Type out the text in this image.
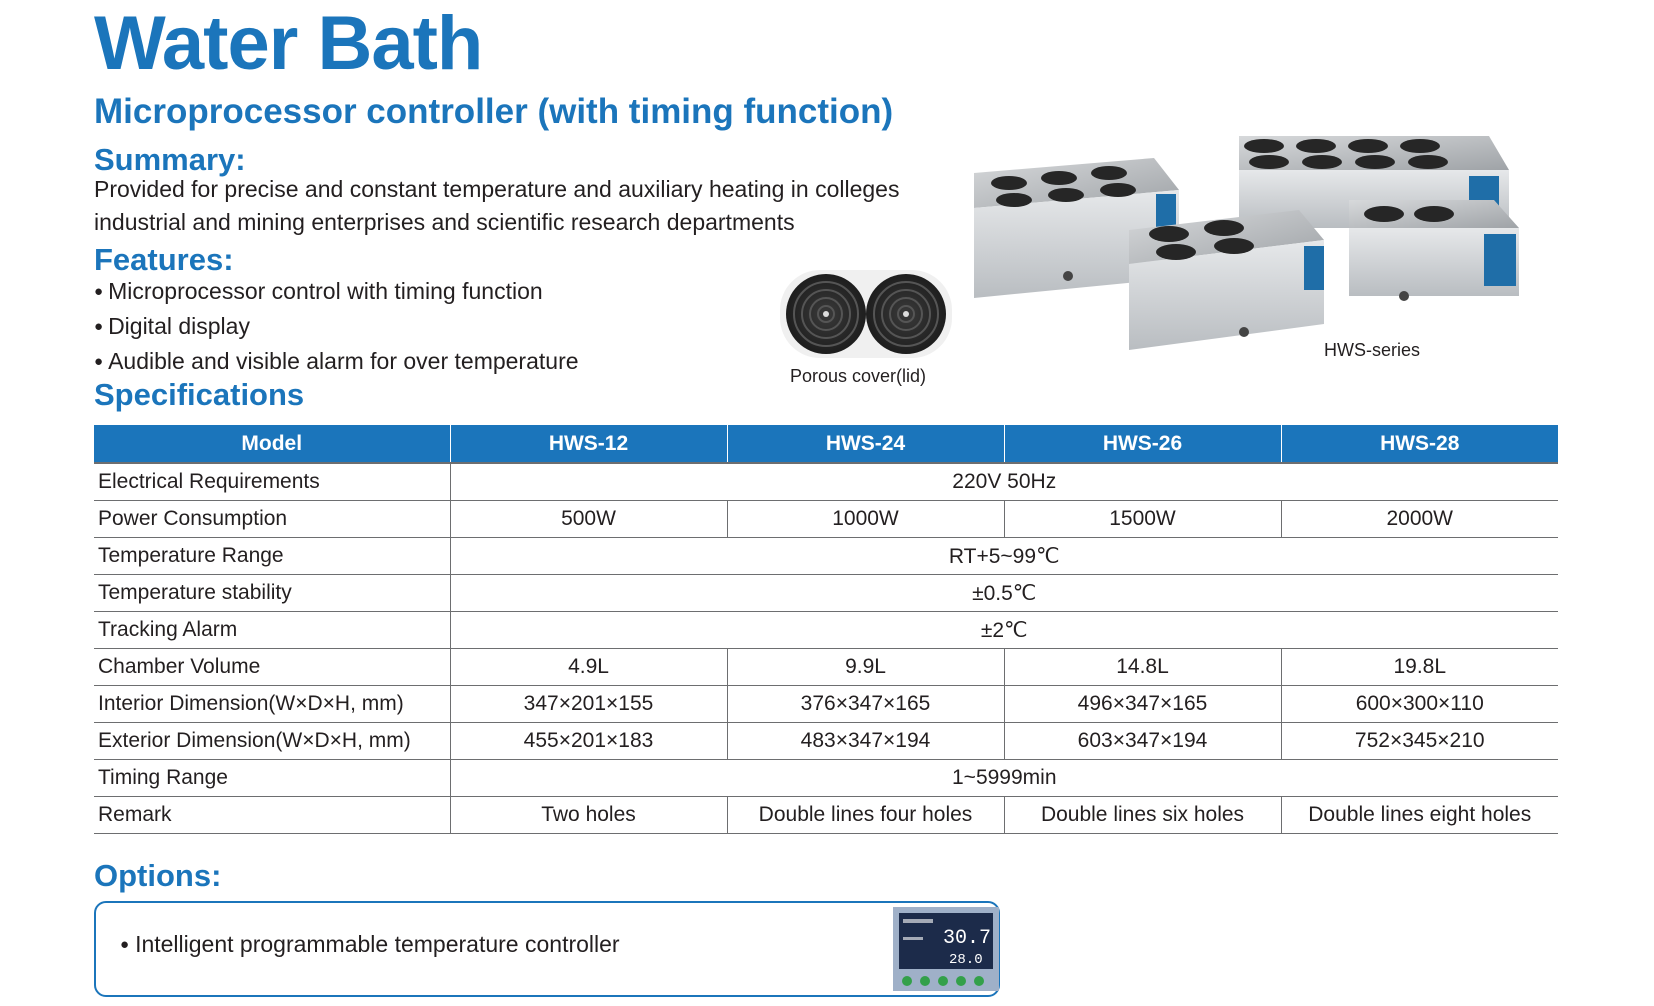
Water Bath
Microprocessor controller (with timing function)
Summary:

Provided for precise and constant temperature and auxiliary heating in colleges industrial and mining enterprises and scientific research departments

Features:
● Microprocessor control with timing function
● Digital display
● Audible and visible alarm for over temperature
Porous cover(lid)
HWS-series
Specifications
Model	HWS-12	HWS-24	HWS-26	HWS-28
Electrical Requirements	220V 50Hz			
Power Consumption	500W	1000W	1500W	2000W
Temperature Range	RT+5~99℃			
Temperature stability	±0.5℃			
Tracking Alarm	±2℃			
Chamber Volume	4.9L	9.9L	14.8L	19.8L
Interior Dimension(W×D×H, mm)	347×201×155	376×347×165	496×347×165	600×300×110
Exterior Dimension(W×D×H, mm)	455×201×183	483×347×194	603×347×194	752×345×210
Timing Range	1~5999min			
Remark	Two holes	Double lines four holes	Double lines six holes	Double lines eight holes
Options:
● Intelligent programmable temperature controller	30.7
28.0
